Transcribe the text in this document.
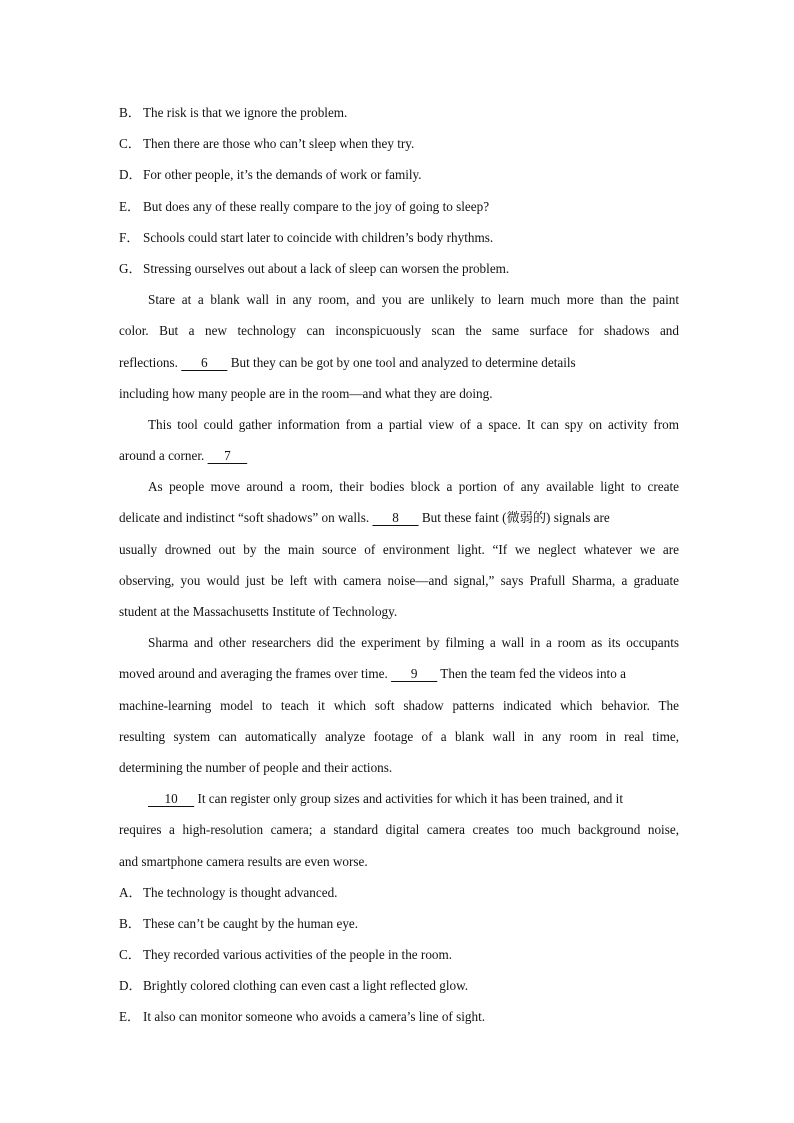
B． The risk is that we ignore the problem.
C． Then there are those who can’t sleep when they try.
D．For other people, it’s the demands of work or family.
E． But does any of these really compare to the joy of going to sleep?
F． Schools could start later to coincide with children’s body rhythms.
G．Stressing ourselves out about a lack of sleep can worsen the problem.
Stare at a blank wall in any room, and you are unlikely to learn much more than the paint
color. But a new technology can inconspicuously scan the same surface for shadows and
reflections.       6       But they can be got by one tool and analyzed to determine details
including how many people are in the room—and what they are doing.
This tool could gather information from a partial view of a space. It can spy on activity from
around a corner.      7
As people move around a room, their bodies block a portion of any available light to create
delicate and indistinct “soft shadows” on walls.       8       But these faint (微弱的) signals are
usually drowned out by the main source of environment light. “If we neglect whatever we are
observing, you would just be left with camera noise—and signal,” says Prafull Sharma, a graduate
student at the Massachusetts Institute of Technology.
Sharma and other researchers did the experiment by filming a wall in a room as its occupants
moved around and averaging the frames over time.       9       Then the team fed the videos into a
machine-learning model to teach it which soft shadow patterns indicated which behavior. The
resulting system can automatically analyze footage of a blank wall in any room in real time,
determining the number of people and their actions.
10      It can register only group sizes and activities for which it has been trained, and it
requires a high-resolution camera; a standard digital camera creates too much background noise,
and smartphone camera results are even worse.
A．The technology is thought advanced.
B． These can’t be caught by the human eye.
C． They recorded various activities of the people in the room.
D．Brightly colored clothing can even cast a light reflected glow.
E． It also can monitor someone who avoids a camera’s line of sight.
